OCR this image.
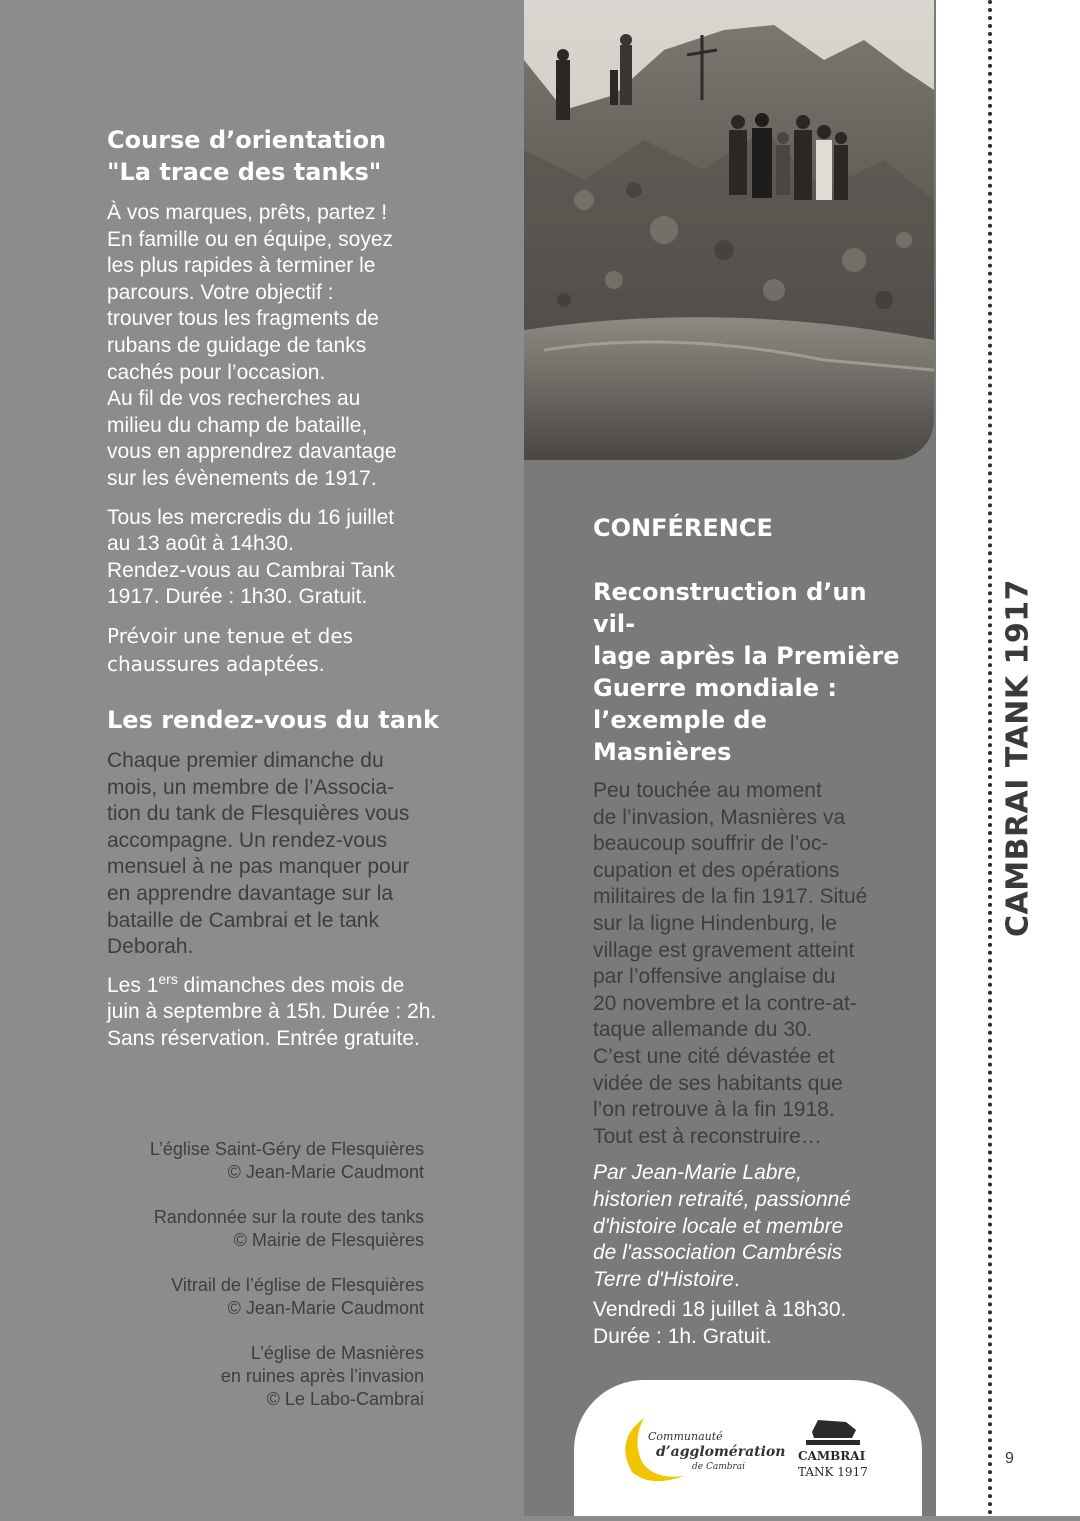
CAMBRAI TANK 1917
9
Course d’orientation
"La trace des tanks"

À vos marques, prêts, partez !
En famille ou en équipe, soyez
les plus rapides à terminer le
parcours. Votre objectif :
trouver tous les fragments de
rubans de guidage de tanks
cachés pour l’occasion.
Au fil de vos recherches au
milieu du champ de bataille,
vous en apprendrez davantage
sur les évènements de 1917.

Tous les mercredis du 16 juillet
au 13 août à 14h30.
Rendez-vous au Cambrai Tank
1917. Durée : 1h30. Gratuit.

Prévoir une tenue et des
chaussures adaptées.

Les rendez-vous du tank

Chaque premier dimanche du
mois, un membre de l’Associa-
tion du tank de Flesquières vous
accompagne. Un rendez-vous
mensuel à ne pas manquer pour
en apprendre davantage sur la
bataille de Cambrai et le tank
Deborah.

Les 1ers dimanches des mois de
juin à septembre à 15h. Durée : 2h.
Sans réservation. Entrée gratuite.

L’église Saint-Géry de Flesquières
© Jean-Marie Caudmont

Randonnée sur la route des tanks
© Mairie de Flesquières

Vitrail de l’église de Flesquières
© Jean-Marie Caudmont

L’église de Masnières
en ruines après l’invasion
© Le Labo-Cambrai

CONFÉRENCE

Reconstruction d’un vil-
lage après la Première
Guerre mondiale :
l’exemple de Masnières

Peu touchée au moment
de l’invasion, Masnières va
beaucoup souffrir de l’oc-
cupation et des opérations
militaires de la fin 1917. Situé
sur la ligne Hindenburg, le
village est gravement atteint
par l’offensive anglaise du
20 novembre et la contre-at-
taque allemande du 30.
C’est une cité dévastée et
vidée de ses habitants que
l’on retrouve à la fin 1918.
Tout est à reconstruire…

Par Jean-Marie Labre,
historien retraité, passionné
d'histoire locale et membre
de l'association Cambrésis
Terre d'Histoire.

Vendredi 18 juillet à 18h30.
Durée : 1h. Gratuit.

Communauté
d’agglomération
de Cambrai
CAMBRAI
TANK 1917
